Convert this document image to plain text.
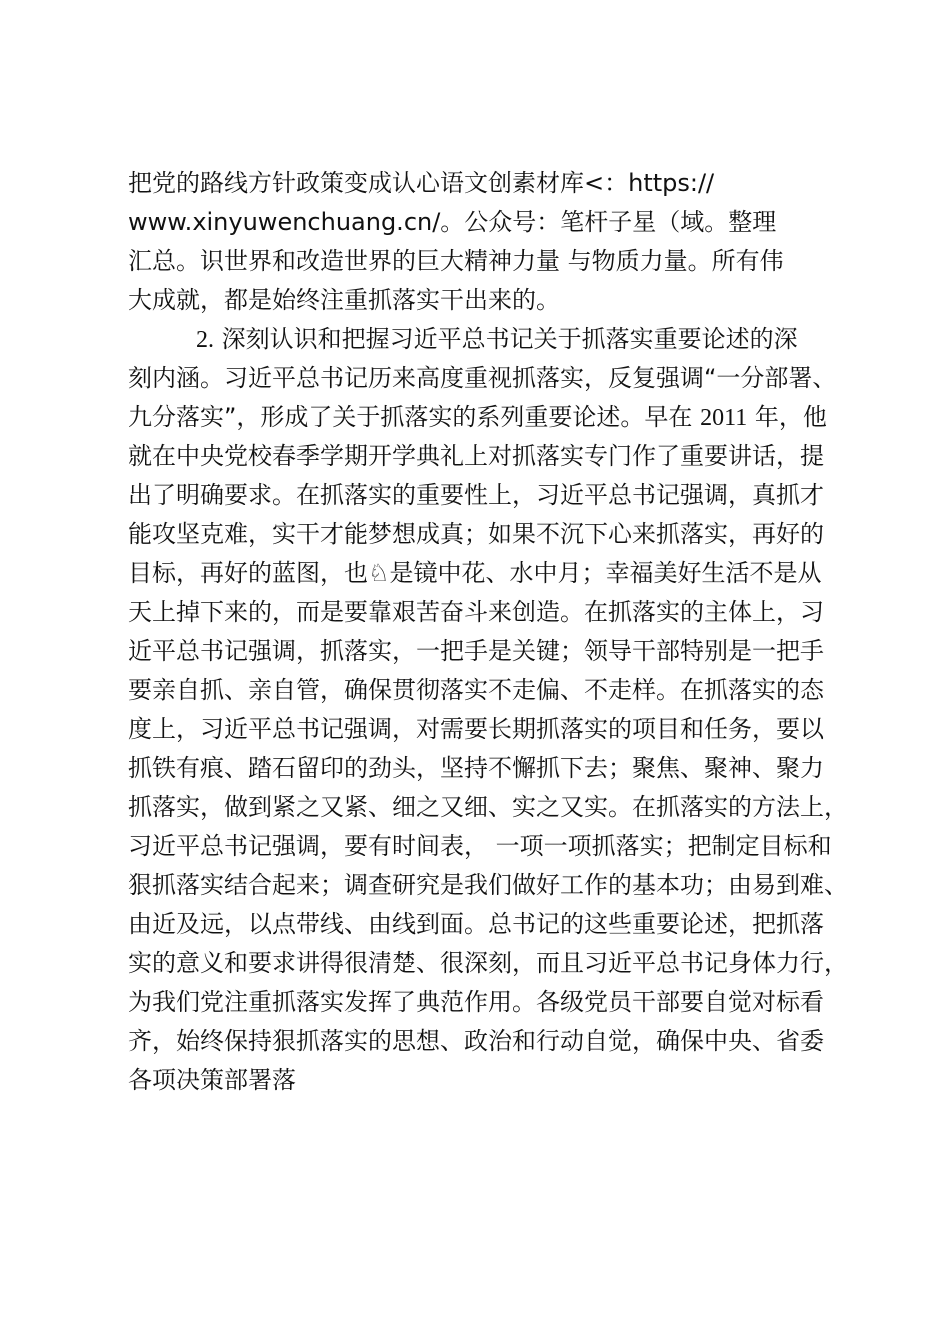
把党的路线方针政策变成认心语文创素材库<：https://
www.xinyuwenchuang.cn/。公众号：笔杆子星（域。整理
汇总。识世界和改造世界的巨大精神力量 与物质力量。所有伟
大成就，都是始终注重抓落实干出来的。
2. 深刻认识和把握习近平总书记关于抓落实重要论述的深
刻内涵。习近平总书记历来高度重视抓落实，反复强调“一分部署、
九分落实”，形成了关于抓落实的系列重要论述。早在 2011 年，他
就在中央党校春季学期开学典礼上对抓落实专门作了重要讲话，提
出了明确要求。在抓落实的重要性上，习近平总书记强调，真抓才
能攻坚克难，实干才能梦想成真；如果不沉下心来抓落实，再好的
目标，再好的蓝图，也♘是镜中花、水中月；幸福美好生活不是从
天上掉下来的，而是要靠艰苦奋斗来创造。在抓落实的主体上，习
近平总书记强调，抓落实，一把手是关键；领导干部特别是一把手
要亲自抓、亲自管，确保贯彻落实不走偏、不走样。在抓落实的态
度上，习近平总书记强调，对需要长期抓落实的项目和任务，要以
抓铁有痕、踏石留印的劲头，坚持不懈抓下去；聚焦、聚神、聚力
抓落实，做到紧之又紧、细之又细、实之又实。在抓落实的方法上，
习近平总书记强调，要有时间表， 一项一项抓落实；把制定目标和
狠抓落实结合起来；调查研究是我们做好工作的基本功；由易到难、
由近及远，以点带线、由线到面。总书记的这些重要论述，把抓落
实的意义和要求讲得很清楚、很深刻，而且习近平总书记身体力行，
为我们党注重抓落实发挥了典范作用。各级党员干部要自觉对标看
齐，始终保持狠抓落实的思想、政治和行动自觉，确保中央、省委
各项决策部署落
